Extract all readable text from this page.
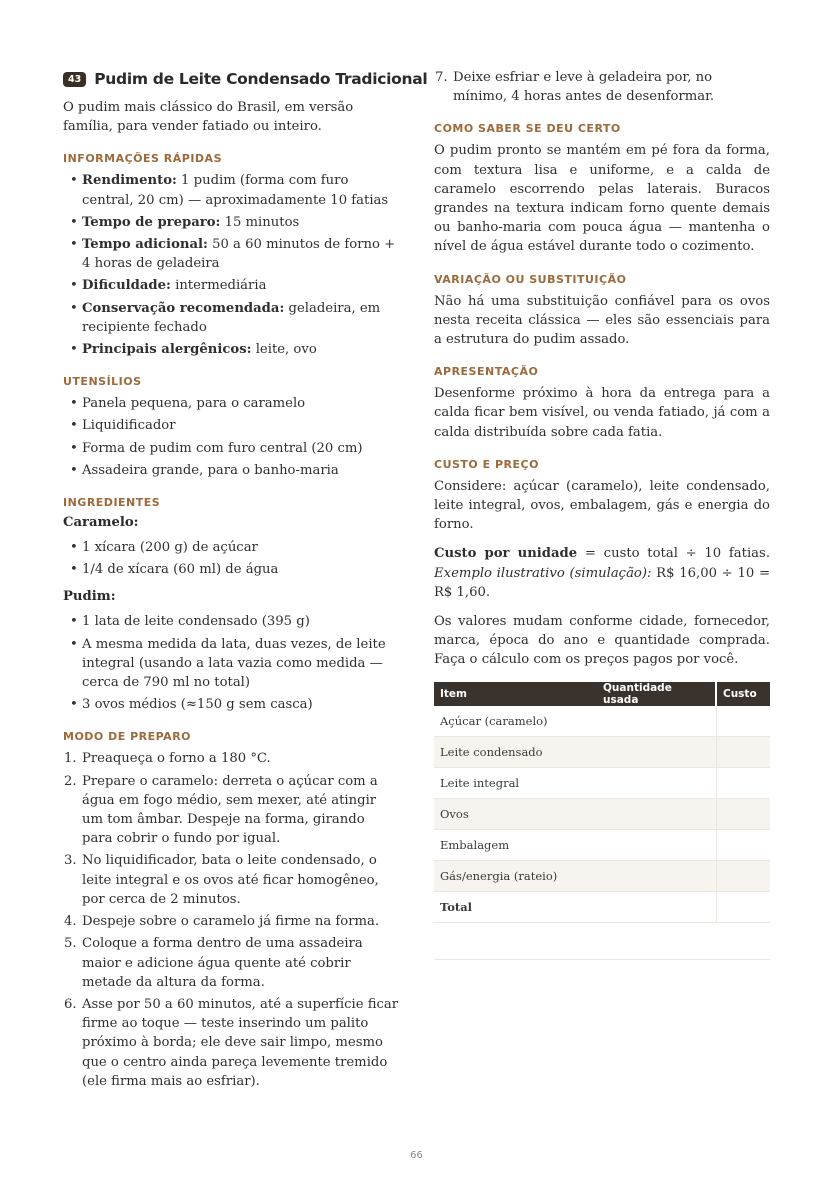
43 Pudim de Leite Condensado Tradicional

O pudim mais clássico do Brasil, em versão família, para vender fatiado ou inteiro.

INFORMAÇÕES RÁPIDAS
• Rendimento: 1 pudim (forma com furo central, 20 cm) — aproximadamente 10 fatias
• Tempo de preparo: 15 minutos
• Tempo adicional: 50 a 60 minutos de forno + 4 horas de geladeira
• Dificuldade: intermediária
• Conservação recomendada: geladeira, em recipiente fechado
• Principais alergênicos: leite, ovo
UTENSÍLIOS
• Panela pequena, para o caramelo
• Liquidificador
• Forma de pudim com furo central (20 cm)
• Assadeira grande, para o banho-maria
INGREDIENTES
Caramelo:
• 1 xícara (200 g) de açúcar
• 1/4 de xícara (60 ml) de água
Pudim:
• 1 lata de leite condensado (395 g)
• A mesma medida da lata, duas vezes, de leite integral (usando a lata vazia como medida — cerca de 790 ml no total)
• 3 ovos médios (≈150 g sem casca)
MODO DE PREPARO
1. Preaqueça o forno a 180 °C.
2. Prepare o caramelo: derreta o açúcar com a água em fogo médio, sem mexer, até atingir um tom âmbar. Despeje na forma, girando para cobrir o fundo por igual.
3. No liquidificador, bata o leite condensado, o leite integral e os ovos até ficar homogêneo, por cerca de 2 minutos.
4. Despeje sobre o caramelo já firme na forma.
5. Coloque a forma dentro de uma assadeira maior e adicione água quente até cobrir metade da altura da forma.
6. Asse por 50 a 60 minutos, até a superfície ficar firme ao toque — teste inserindo um palito próximo à borda; ele deve sair limpo, mesmo que o centro ainda pareça levemente tremido (ele firma mais ao esfriar).
7. Deixe esfriar e leve à geladeira por, no mínimo, 4 horas antes de desenformar.
COMO SABER SE DEU CERTO

O pudim pronto se mantém em pé fora da forma, com textura lisa e uniforme, e a calda de caramelo escorrendo pelas laterais. Buracos grandes na textura indicam forno quente demais ou banho-maria com pouca água — mantenha o nível de água estável durante todo o cozimento.

VARIAÇÃO OU SUBSTITUIÇÃO

Não há uma substituição confiável para os ovos nesta receita clássica — eles são essenciais para a estrutura do pudim assado.

APRESENTAÇÃO

Desenforme próximo à hora da entrega para a calda ficar bem visível, ou venda fatiado, já com a calda distribuída sobre cada fatia.

CUSTO E PREÇO

Considere: açúcar (caramelo), leite condensado, leite integral, ovos, embalagem, gás e energia do forno.

Custo por unidade = custo total ÷ 10 fatias. Exemplo ilustrativo (simulação): R$ 16,00 ÷ 10 = R$ 1,60.

Os valores mudam conforme cidade, fornecedor, marca, época do ano e quantidade comprada. Faça o cálculo com os preços pagos por você.

Item	Quantidade usada	Custo
Açúcar (caramelo)		
Leite condensado		
Leite integral		
Ovos		
Embalagem		
Gás/energia (rateio)		
Total		

66
